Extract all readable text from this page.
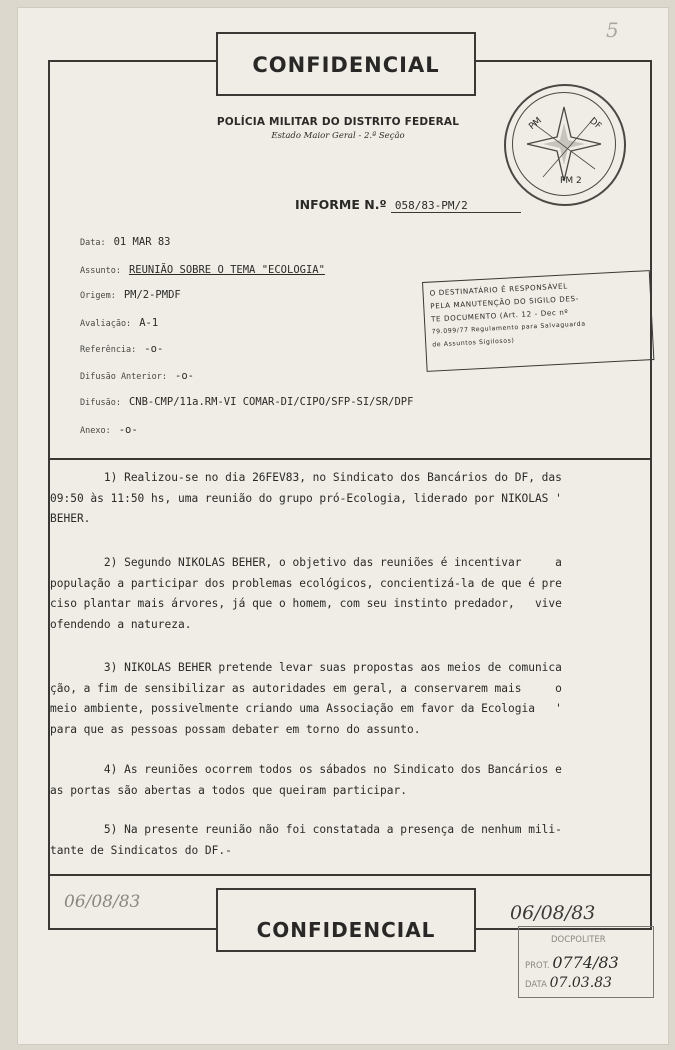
CONFIDENCIAL
POLÍCIA MILITAR DO DISTRITO FEDERAL
Estado Maior Geral - 2.ª Seção
PM	DF
PM 2
5
INFORME N.º 058/83-PM/2
Data: 01 MAR 83
Assunto: REUNIÃO SOBRE O TEMA "ECOLOGIA"
Origem: PM/2-PMDF
Avaliação: A-1
Referência: -o-
Difusão Anterior: -o-
Difusão: CNB-CMP/11a.RM-VI COMAR-DI/CIPO/SFP-SI/SR/DPF
Anexo: -o-
O DESTINATÁRIO É RESPONSÁVEL
PELA MANUTENÇÃO DO SIGILO DES-
TE DOCUMENTO (Art. 12 - Dec nº
79.099/77 Regulamento para Salvaguarda
de Assuntos Sigilosos)
1) Realizou-se no dia 26FEV83, no Sindicato dos Bancários do DF, das
09:50 às 11:50 hs, uma reunião do grupo pró-Ecologia, liderado por NIKOLAS '
BEHER.
2) Segundo NIKOLAS BEHER, o objetivo das reuniões é incentivar     a
população a participar dos problemas ecológicos, concientizá-la de que é pre
ciso plantar mais árvores, já que o homem, com seu instinto predador,   vive
ofendendo a natureza.
3) NIKOLAS BEHER pretende levar suas propostas aos meios de comunica
ção, a fim de sensibilizar as autoridades em geral, a conservarem mais     o
meio ambiente, possivelmente criando uma Associação em favor da Ecologia   '
para que as pessoas possam debater em torno do assunto.
4) As reuniões ocorrem todos os sábados no Sindicato dos Bancários e
as portas são abertas a todos que queiram participar.
5) Na presente reunião não foi constatada a presença de nenhum mili-
tante de Sindicatos do DF.-
06/08/83
CONFIDENCIAL
06/08/83
DOCPOLITER
PROT. 0774/83
DATA 07.03.83
